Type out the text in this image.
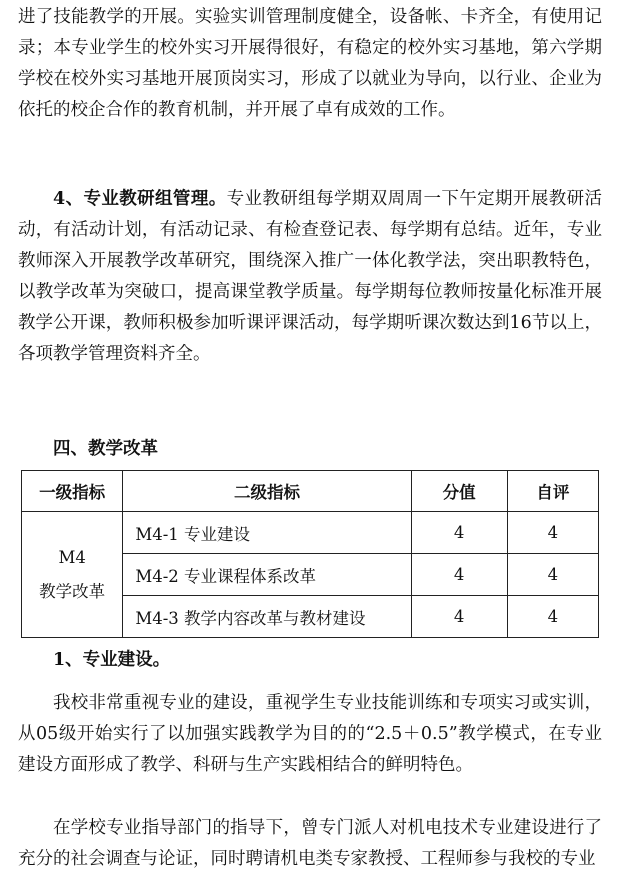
进了技能教学的开展。实验实训管理制度健全，设备帐、卡齐全，有使用记录；本专业学生的校外实习开展得很好，有稳定的校外实习基地，第六学期学校在校外实习基地开展顶岗实习，形成了以就业为导向，以行业、企业为依托的校企合作的教育机制，并开展了卓有成效的工作。

4、专业教研组管理。专业教研组每学期双周周一下午定期开展教研活动，有活动计划，有活动记录、有检查登记表、每学期有总结。近年，专业教师深入开展教学改革研究，围绕深入推广一体化教学法，突出职教特色，以教学改革为突破口，提高课堂教学质量。每学期每位教师按量化标准开展教学公开课，教师积极参加听课评课活动，每学期听课次数达到16节以上，各项教学管理资料齐全。

四、教学改革
一级指标	二级指标	分值	自评

M4
教学改革	M4-1 专业建设	4	4
	M4-2 专业课程体系改革	4	4
	M4-3 教学内容改革与教材建设	4	4

1、专业建设。

我校非常重视专业的建设，重视学生专业技能训练和专项实习或实训，从05级开始实行了以加强实践教学为目的的“2.5＋0.5”教学模式，在专业建设方面形成了教学、科研与生产实践相结合的鲜明特色。

在学校专业指导部门的指导下，曾专门派人对机电技术专业建设进行了充分的社会调查与论证，同时聘请机电类专家教授、工程师参与我校的专业
